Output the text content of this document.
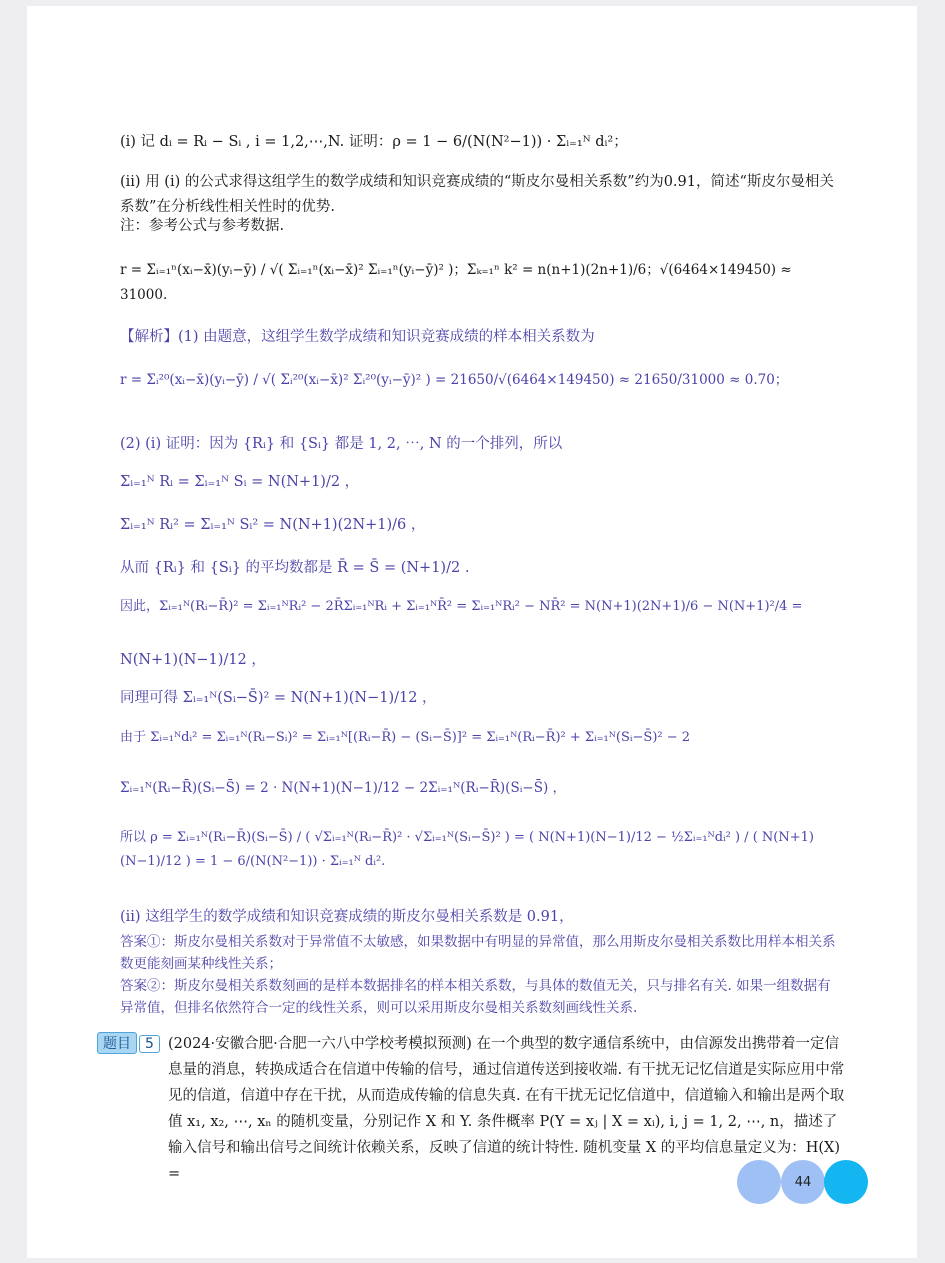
(i) 记 dᵢ = Rᵢ − Sᵢ , i = 1,2,⋯,N. 证明：ρ = 1 − 6/(N(N²−1)) · Σᵢ₌₁ᴺ dᵢ²；
(ii) 用 (i) 的公式求得这组学生的数学成绩和知识竞赛成绩的“斯皮尔曼相关系数”约为0.91，简述“斯皮尔曼相关系数”在分析线性相关性时的优势.
注：参考公式与参考数据.
r = Σᵢ₌₁ⁿ(xᵢ−x̄)(yᵢ−ȳ) / √( Σᵢ₌₁ⁿ(xᵢ−x̄)² Σᵢ₌₁ⁿ(yᵢ−ȳ)² )；Σₖ₌₁ⁿ k² = n(n+1)(2n+1)/6；√(6464×149450) ≈ 31000.
【解析】(1) 由题意，这组学生数学成绩和知识竞赛成绩的样本相关系数为
r = Σᵢ²⁰(xᵢ−x̄)(yᵢ−ȳ) / √( Σᵢ²⁰(xᵢ−x̄)² Σᵢ²⁰(yᵢ−ȳ)² ) = 21650/√(6464×149450) ≈ 21650/31000 ≈ 0.70；
(2) (i) 证明：因为 {Rᵢ} 和 {Sᵢ} 都是 1, 2, ⋯, N 的一个排列，所以
Σᵢ₌₁ᴺ Rᵢ = Σᵢ₌₁ᴺ Sᵢ = N(N+1)/2 ，
Σᵢ₌₁ᴺ Rᵢ² = Σᵢ₌₁ᴺ Sᵢ² = N(N+1)(2N+1)/6 ，
从而 {Rᵢ} 和 {Sᵢ} 的平均数都是 R̄ = S̄ = (N+1)/2 .
因此，Σᵢ₌₁ᴺ(Rᵢ−R̄)² = Σᵢ₌₁ᴺRᵢ² − 2R̄Σᵢ₌₁ᴺRᵢ + Σᵢ₌₁ᴺR̄² = Σᵢ₌₁ᴺRᵢ² − NR̄² = N(N+1)(2N+1)/6 − N(N+1)²/4 =
N(N+1)(N−1)/12 ，
同理可得 Σᵢ₌₁ᴺ(Sᵢ−S̄)² = N(N+1)(N−1)/12 ，
由于 Σᵢ₌₁ᴺdᵢ² = Σᵢ₌₁ᴺ(Rᵢ−Sᵢ)² = Σᵢ₌₁ᴺ[(Rᵢ−R̄) − (Sᵢ−S̄)]² = Σᵢ₌₁ᴺ(Rᵢ−R̄)² + Σᵢ₌₁ᴺ(Sᵢ−S̄)² − 2
Σᵢ₌₁ᴺ(Rᵢ−R̄)(Sᵢ−S̄) = 2 · N(N+1)(N−1)/12 − 2Σᵢ₌₁ᴺ(Rᵢ−R̄)(Sᵢ−S̄) ，
所以 ρ = Σᵢ₌₁ᴺ(Rᵢ−R̄)(Sᵢ−S̄) / ( √Σᵢ₌₁ᴺ(Rᵢ−R̄)² · √Σᵢ₌₁ᴺ(Sᵢ−S̄)² ) = ( N(N+1)(N−1)/12 − ½Σᵢ₌₁ᴺdᵢ² ) / ( N(N+1)(N−1)/12 ) = 1 − 6/(N(N²−1)) · Σᵢ₌₁ᴺ dᵢ².
(ii) 这组学生的数学成绩和知识竞赛成绩的斯皮尔曼相关系数是 0.91，
答案①：斯皮尔曼相关系数对于异常值不太敏感，如果数据中有明显的异常值，那么用斯皮尔曼相关系数比用样本相关系数更能刻画某种线性关系；
答案②：斯皮尔曼相关系数刻画的是样本数据排名的样本相关系数，与具体的数值无关，只与排名有关. 如果一组数据有异常值，但排名依然符合一定的线性关系，则可以采用斯皮尔曼相关系数刻画线性关系.
题目 5 (2024·安徽合肥·合肥一六八中学校考模拟预测) 在一个典型的数字通信系统中，由信源发出携带着一定信息量的消息，转换成适合在信道中传输的信号，通过信道传送到接收端. 有干扰无记忆信道是实际应用中常见的信道，信道中存在干扰，从而造成传输的信息失真. 在有干扰无记忆信道中，信道输入和输出是两个取值 x₁, x₂, ⋯, xₙ 的随机变量，分别记作 X 和 Y. 条件概率 P(Y = xⱼ | X = xᵢ), i, j = 1, 2, ⋯, n，描述了输入信号和输出信号之间统计依赖关系，反映了信道的统计特性. 随机变量 X 的平均信息量定义为：H(X) =	44
